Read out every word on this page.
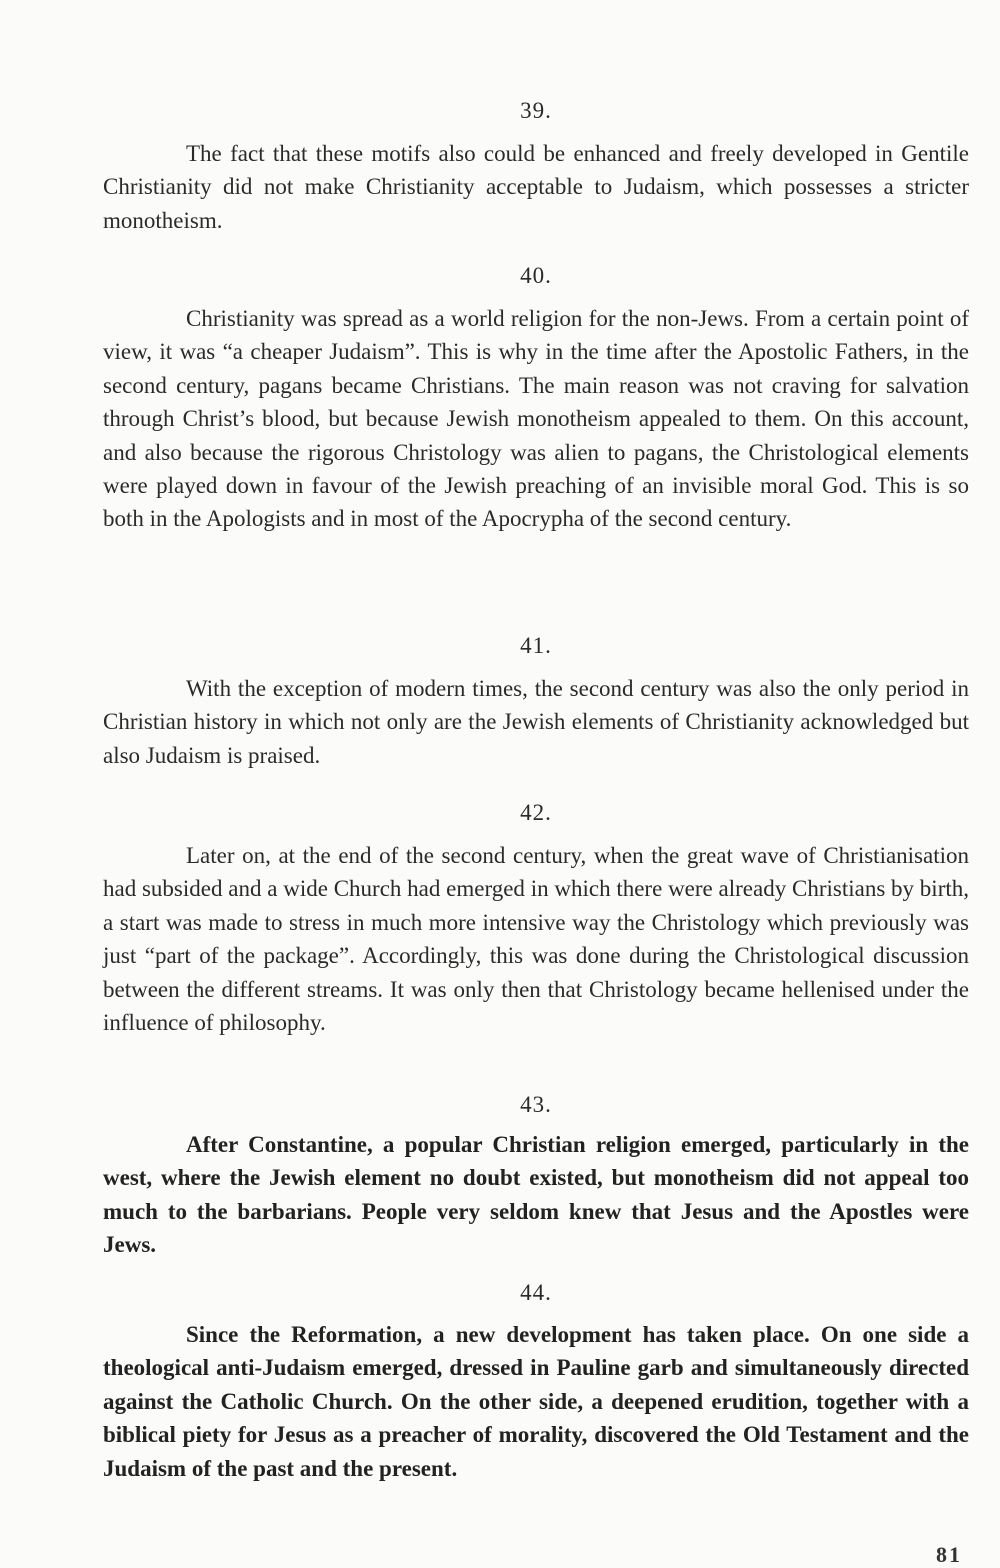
39.

The fact that these motifs also could be enhanced and freely developed in Gentile Christianity did not make Christianity acceptable to Judaism, which possesses a stricter monotheism.

40.

Christianity was spread as a world religion for the non-Jews. From a certain point of view, it was “a cheaper Judaism”. This is why in the time after the Apostolic Fathers, in the second century, pagans became Christians. The main reason was not craving for salvation through Christ’s blood, but because Jewish monotheism appealed to them. On this account, and also because the rigorous Christology was alien to pagans, the Christological elements were played down in favour of the Jewish preaching of an invisible moral God. This is so both in the Apologists and in most of the Apocrypha of the second century.

41.

With the exception of modern times, the second century was also the only period in Christian history in which not only are the Jewish elements of Christianity acknowledged but also Judaism is praised.

42.

Later on, at the end of the second century, when the great wave of Christianisation had subsided and a wide Church had emerged in which there were already Christians by birth, a start was made to stress in much more intensive way the Christology which previously was just “part of the package”. Accordingly, this was done during the Christological discussion between the different streams. It was only then that Christology became hellenised under the influence of philosophy.

43.

After Constantine, a popular Christian religion emerged, particularly in the west, where the Jewish element no doubt existed, but monotheism did not appeal too much to the barbarians. People very seldom knew that Jesus and the Apostles were Jews.

44.

Since the Reformation, a new development has taken place. On one side a theological anti-Judaism emerged, dressed in Pauline garb and simultaneously directed against the Catholic Church. On the other side, a deepened erudition, together with a biblical piety for Jesus as a preacher of morality, discovered the Old Testament and the Judaism of the past and the present.

81
